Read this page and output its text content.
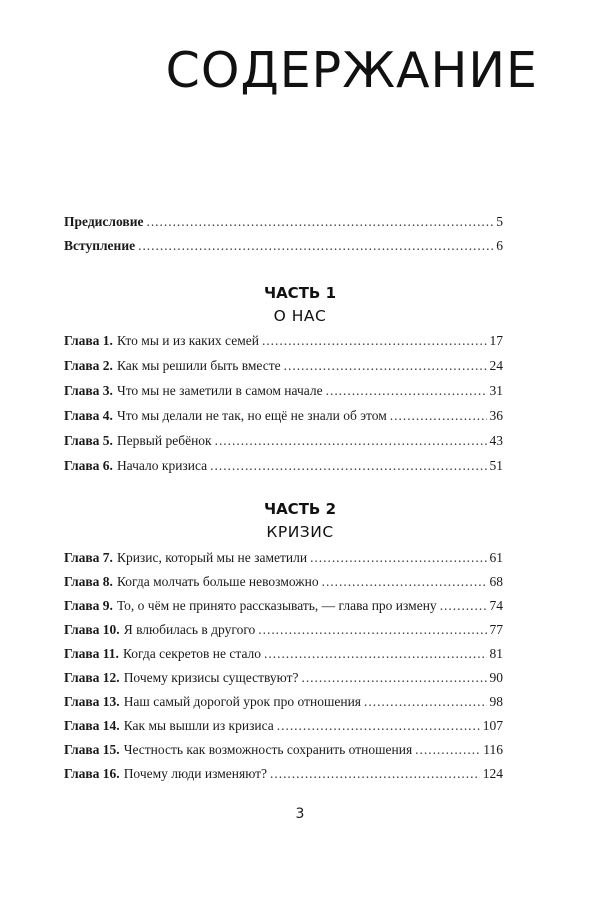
СОДЕРЖАНИЕ
Предисловие . . .	5
Вступление . . .	6
ЧАСТЬ 1
О НАС
Глава 1. Кто мы и из каких семей . . .	17
Глава 2. Как мы решили быть вместе . . .	24
Глава 3. Что мы не заметили в самом начале . . .	31
Глава 4. Что мы делали не так, но ещё не знали об этом . . .	36
Глава 5. Первый ребёнок . . .	43
Глава 6. Начало кризиса . . .	51
ЧАСТЬ 2
КРИЗИС
Глава 7. Кризис, который мы не заметили . . .	61
Глава 8. Когда молчать больше невозможно . . .	68
Глава 9. То, о чём не принято рассказывать, — глава про измену . . .	74
Глава 10. Я влюбилась в другого . . .	77
Глава 11. Когда секретов не стало . . .	81
Глава 12. Почему кризисы существуют? . . .	90
Глава 13. Наш самый дорогой урок про отношения . . .	98
Глава 14. Как мы вышли из кризиса . . .	107
Глава 15. Честность как возможность сохранить отношения . . .	116
Глава 16. Почему люди изменяют? . . .	124
3
